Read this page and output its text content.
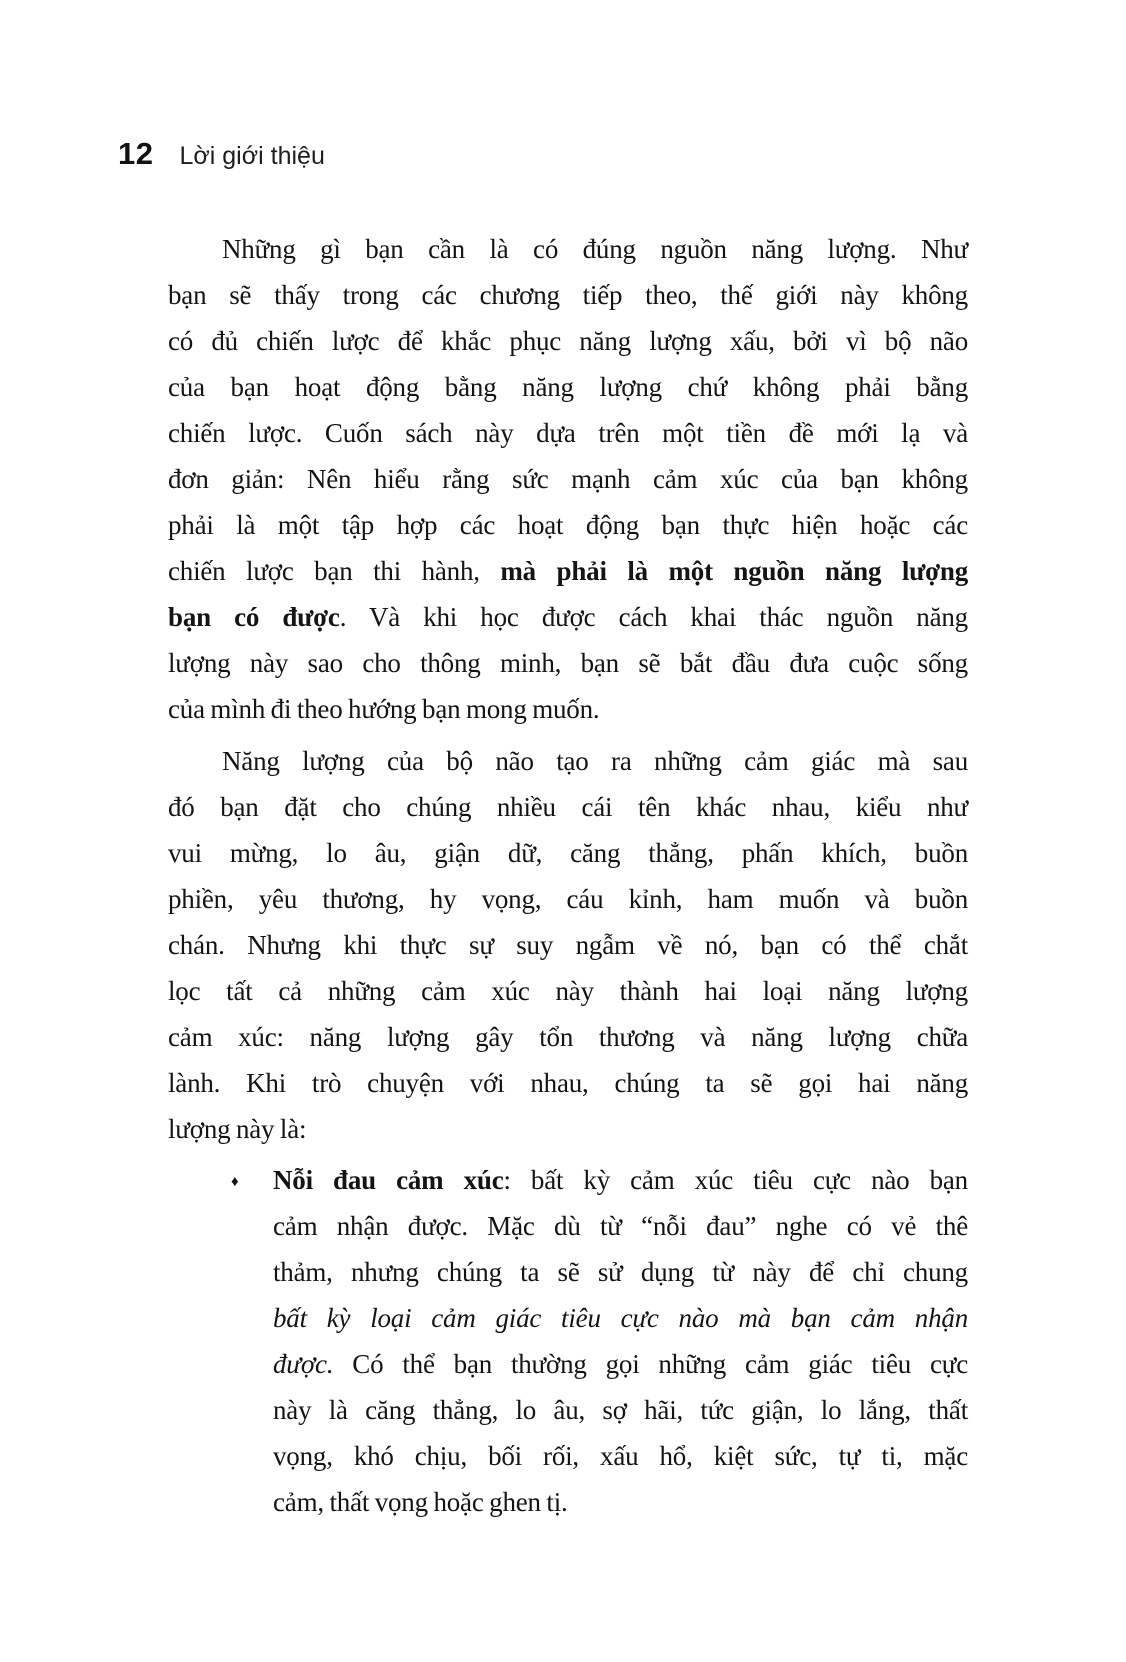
12 Lời giới thiệu
Những gì bạn cần là có đúng nguồn năng lượng. Như
bạn sẽ thấy trong các chương tiếp theo, thế giới này không
có đủ chiến lược để khắc phục năng lượng xấu, bởi vì bộ não
của bạn hoạt động bằng năng lượng chứ không phải bằng
chiến lược. Cuốn sách này dựa trên một tiền đề mới lạ và
đơn giản: Nên hiểu rằng sức mạnh cảm xúc của bạn không
phải là một tập hợp các hoạt động bạn thực hiện hoặc các
chiến lược bạn thi hành, mà phải là một nguồn năng lượng
bạn có được. Và khi học được cách khai thác nguồn năng
lượng này sao cho thông minh, bạn sẽ bắt đầu đưa cuộc sống
của mình đi theo hướng bạn mong muốn.
Năng lượng của bộ não tạo ra những cảm giác mà sau
đó bạn đặt cho chúng nhiều cái tên khác nhau, kiểu như
vui mừng, lo âu, giận dữ, căng thẳng, phấn khích, buồn
phiền, yêu thương, hy vọng, cáu kỉnh, ham muốn và buồn
chán. Nhưng khi thực sự suy ngẫm về nó, bạn có thể chắt
lọc tất cả những cảm xúc này thành hai loại năng lượng
cảm xúc: năng lượng gây tổn thương và năng lượng chữa
lành. Khi trò chuyện với nhau, chúng ta sẽ gọi hai năng
lượng này là:
♦ Nỗi đau cảm xúc: bất kỳ cảm xúc tiêu cực nào bạn
cảm nhận được. Mặc dù từ “nỗi đau” nghe có vẻ thê
thảm, nhưng chúng ta sẽ sử dụng từ này để chỉ chung
bất kỳ loại cảm giác tiêu cực nào mà bạn cảm nhận
được. Có thể bạn thường gọi những cảm giác tiêu cực
này là căng thẳng, lo âu, sợ hãi, tức giận, lo lắng, thất
vọng, khó chịu, bối rối, xấu hổ, kiệt sức, tự ti, mặc
cảm, thất vọng hoặc ghen tị.
